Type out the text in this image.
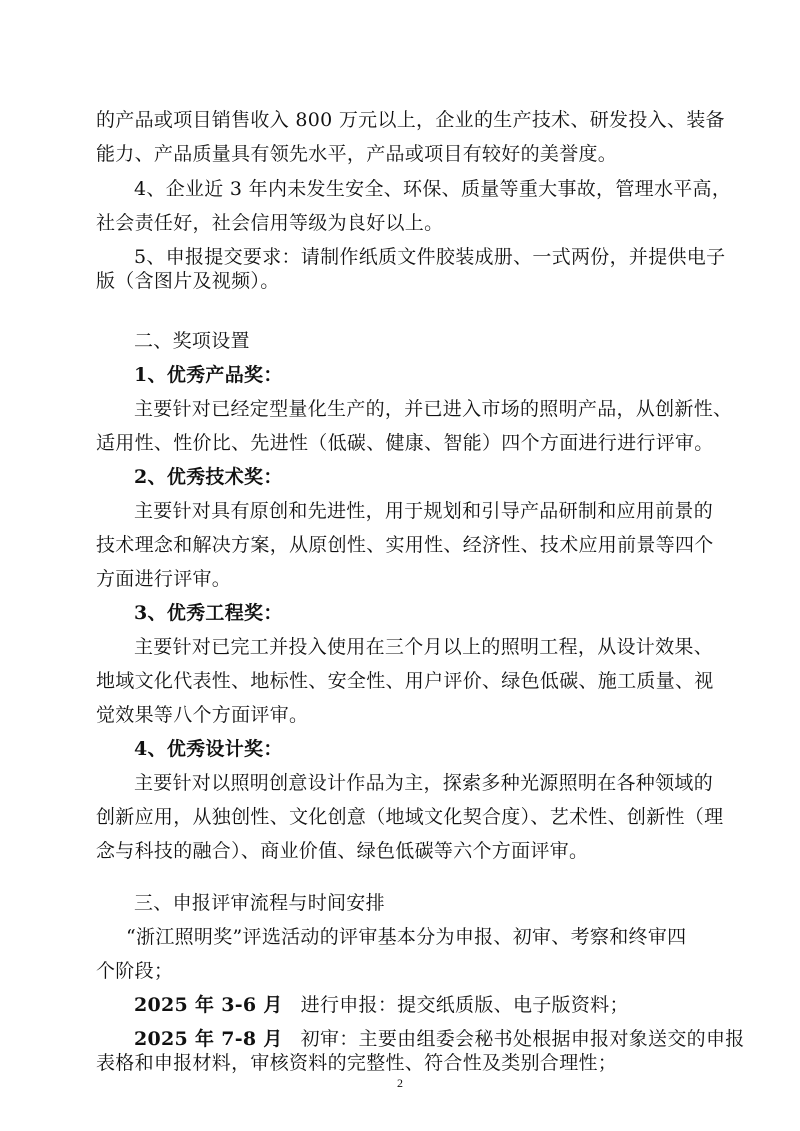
的产品或项目销售收入 800 万元以上，企业的生产技术、研发投入、装备
能力、产品质量具有领先水平，产品或项目有较好的美誉度。
4、企业近 3 年内未发生安全、环保、质量等重大事故，管理水平高，
社会责任好，社会信用等级为良好以上。
5、申报提交要求：请制作纸质文件胶装成册、一式两份，并提供电子
版（含图片及视频）。
二、奖项设置
1、优秀产品奖：
主要针对已经定型量化生产的，并已进入市场的照明产品，从创新性、
适用性、性价比、先进性（低碳、健康、智能）四个方面进行进行评审。
2、优秀技术奖：
主要针对具有原创和先进性，用于规划和引导产品研制和应用前景的
技术理念和解决方案，从原创性、实用性、经济性、技术应用前景等四个
方面进行评审。
3、优秀工程奖：
主要针对已完工并投入使用在三个月以上的照明工程，从设计效果、
地域文化代表性、地标性、安全性、用户评价、绿色低碳、施工质量、视
觉效果等八个方面评审。
4、优秀设计奖：
主要针对以照明创意设计作品为主，探索多种光源照明在各种领域的
创新应用，从独创性、文化创意（地域文化契合度）、艺术性、创新性（理
念与科技的融合）、商业价值、绿色低碳等六个方面评审。
三、申报评审流程与时间安排
“浙江照明奖”评选活动的评审基本分为申报、初审、考察和终审四
个阶段；
2025 年 3-6 月 进行申报：提交纸质版、电子版资料；
2025 年 7-8 月 初审：主要由组委会秘书处根据申报对象送交的申报
表格和申报材料，审核资料的完整性、符合性及类别合理性；
2
